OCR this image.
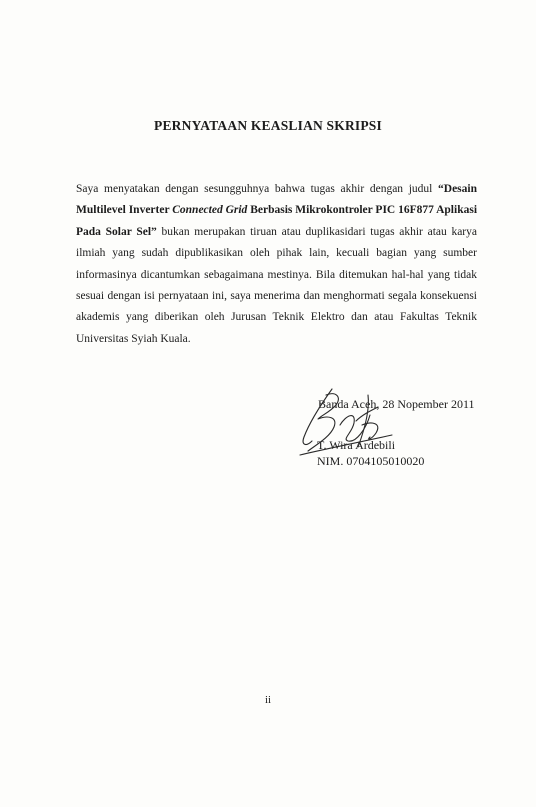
PERNYATAAN KEASLIAN SKRIPSI
Saya menyatakan dengan sesungguhnya bahwa tugas akhir dengan judul “Desain Multilevel Inverter Connected Grid Berbasis Mikrokontroler PIC 16F877 Aplikasi Pada Solar Sel” bukan merupakan tiruan atau duplikasidari tugas akhir atau karya ilmiah yang sudah dipublikasikan oleh pihak lain, kecuali bagian yang sumber informasinya dicantumkan sebagaimana mestinya. Bila ditemukan hal-hal yang tidak sesuai dengan isi pernyataan ini, saya menerima dan menghormati segala konsekuensi akademis yang diberikan oleh Jurusan Teknik Elektro dan atau Fakultas Teknik Universitas Syiah Kuala.
Banda Aceh, 28 Nopember 2011
T. Wira Ardebili
NIM. 0704105010020
ii
